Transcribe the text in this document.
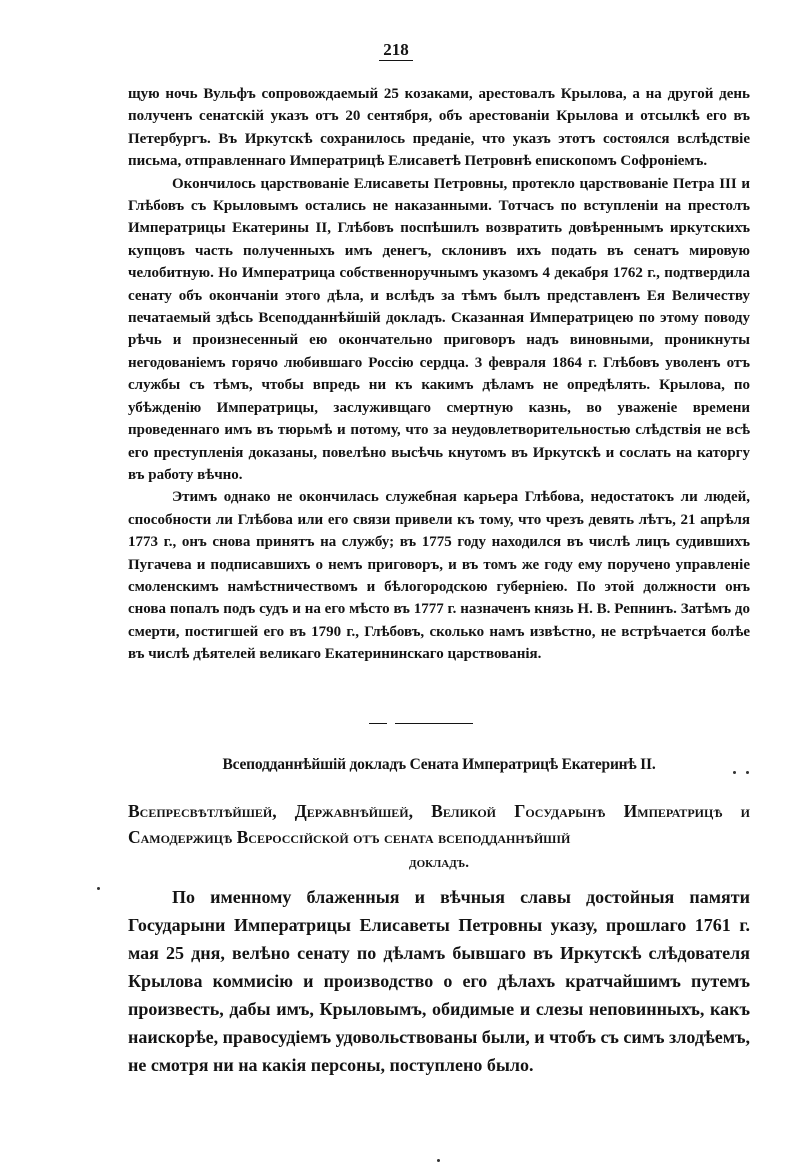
218

щую ночь Вульфъ сопровождаемый 25 козаками, арестовалъ Крылова, а на другой день полученъ сенатскій указъ отъ 20 сентября, объ арестованіи Крылова и отсылкѣ его въ Петербургъ. Въ Иркутскѣ сохранилось преданіе, что указъ этотъ состоялся вслѣдствіе письма, отправленнаго Императрицѣ Елисаветѣ Петровнѣ епископомъ Софроніемъ.

Окончилось царствованіе Елисаветы Петровны, протекло царствованіе Петра III и Глѣбовъ съ Крыловымъ остались не наказанными. Тотчасъ по вступленіи на престолъ Императрицы Екатерины II, Глѣбовъ поспѣшилъ возвратить довѣреннымъ иркутскихъ купцовъ часть полученныхъ имъ денегъ, склонивъ ихъ подать въ сенатъ мировую челобитную. Но Императрица собственноручнымъ указомъ 4 декабря 1762 г., подтвердила сенату объ окончаніи этого дѣла, и вслѣдъ за тѣмъ былъ представленъ Ея Величеству печатаемый здѣсь Всеподданнѣйшій докладъ. Сказанная Императрицею по этому поводу рѣчь и произнесенный ею окончательно приговоръ надъ виновными, проникнуты негодованіемъ горячо любившаго Россію сердца. 3 февраля 1864 г. Глѣбовъ уволенъ отъ службы съ тѣмъ, чтобы впредь ни къ какимъ дѣламъ не опредѣлять. Крылова, по убѣжденію Императрицы, заслуживщаго смертную казнь, во уваженіе времени проведеннаго имъ въ тюрьмѣ и потому, что за неудовлетворительностью слѣдствія не всѣ его преступленія доказаны, повелѣно высѣчь кнутомъ въ Иркутскѣ и сослать на каторгу въ работу вѣчно.

Этимъ однако не окончилась служебная карьера Глѣбова, недостатокъ ли людей, способности ли Глѣбова или его связи привели къ тому, что чрезъ девять лѣтъ, 21 апрѣля 1773 г., онъ снова принятъ на службу; въ 1775 году находился въ числѣ лицъ судившихъ Пугачева и подписавшихъ о немъ приговоръ, и въ томъ же году ему поручено управленіе смоленскимъ намѣстничествомъ и бѣлогородскою губерніею. По этой должности онъ снова попалъ подъ судъ и на его мѣсто въ 1777 г. назначенъ князь Н. В. Репнинъ. Затѣмъ до смерти, постигшей его въ 1790 г., Глѣбовъ, сколько намъ извѣстно, не встрѣчается болѣе въ числѣ дѣятелей великаго Екатерининскаго царствованія.

Всеподданнѣйшій докладъ Сената Императрицѣ Екатеринѣ II.
Всепресвѣтлѣйшей, Державнѣйшей, Великой Государынѣ Императрицѣ и Самодержицѣ Всероссійской отъ сената всеподданнѣйшій
докладъ.

По именному блаженныя и вѣчныя славы достойныя памяти Государыни Императрицы Елисаветы Петровны указу, прошлаго 1761 г. мая 25 дня, велѣно сенату по дѣламъ бывшаго въ Иркутскѣ слѣдователя Крылова коммисію и производство о его дѣлахъ кратчайшимъ путемъ произвесть, дабы имъ, Крыловымъ, обидимые и слезы неповинныхъ, какъ наискорѣе, правосудіемъ удовольствованы были, и чтобъ съ симъ злодѣемъ, не смотря ни на какія персоны, поступлено было.
